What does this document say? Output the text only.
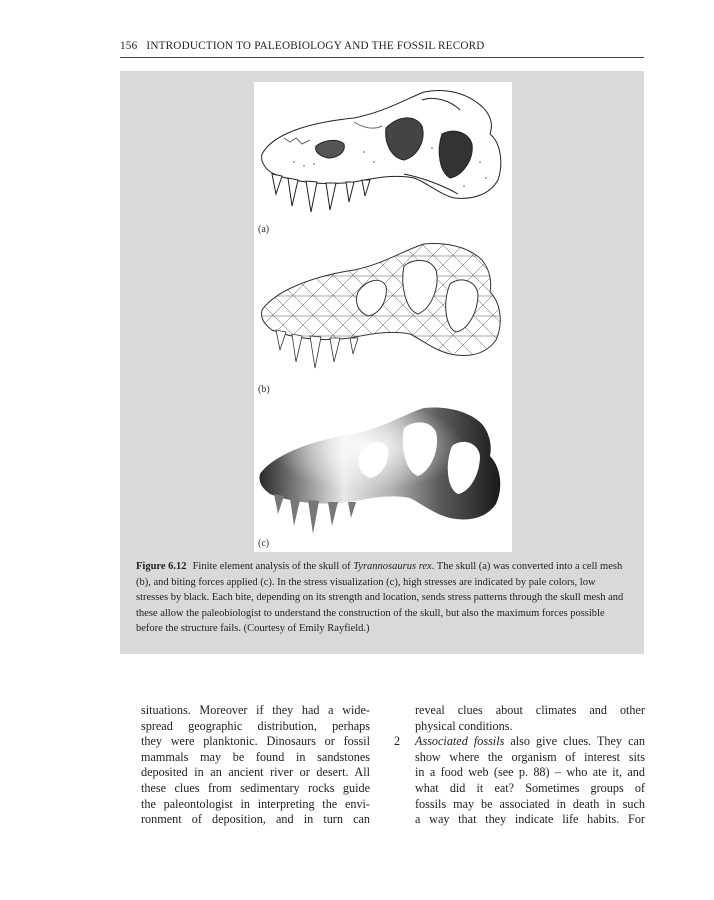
156 INTRODUCTION TO PALEOBIOLOGY AND THE FOSSIL RECORD
(a)
(b)
(c)
Figure 6.12 Finite element analysis of the skull of Tyrannosaurus rex. The skull (a) was converted into a cell mesh (b), and biting forces applied (c). In the stress visualization (c), high stresses are indicated by pale colors, low stresses by black. Each bite, depending on its strength and location, sends stress patterns through the skull mesh and these allow the paleobiologist to understand the construction of the skull, but also the maximum forces possible before the structure fails. (Courtesy of Emily Rayfield.)
situations. Moreover if they had a wide-
spread geographic distribution, perhaps
they were planktonic. Dinosaurs or fossil
mammals may be found in sandstones
deposited in an ancient river or desert. All
these clues from sedimentary rocks guide
the paleontologist in interpreting the envi-
ronment of deposition, and in turn can
reveal clues about climates and other
physical conditions.
2	Associated fossils also give clues. They can
show where the organism of interest sits
in a food web (see p. 88) – who ate it, and
what did it eat? Sometimes groups of
fossils may be associated in death in such
a way that they indicate life habits. For
